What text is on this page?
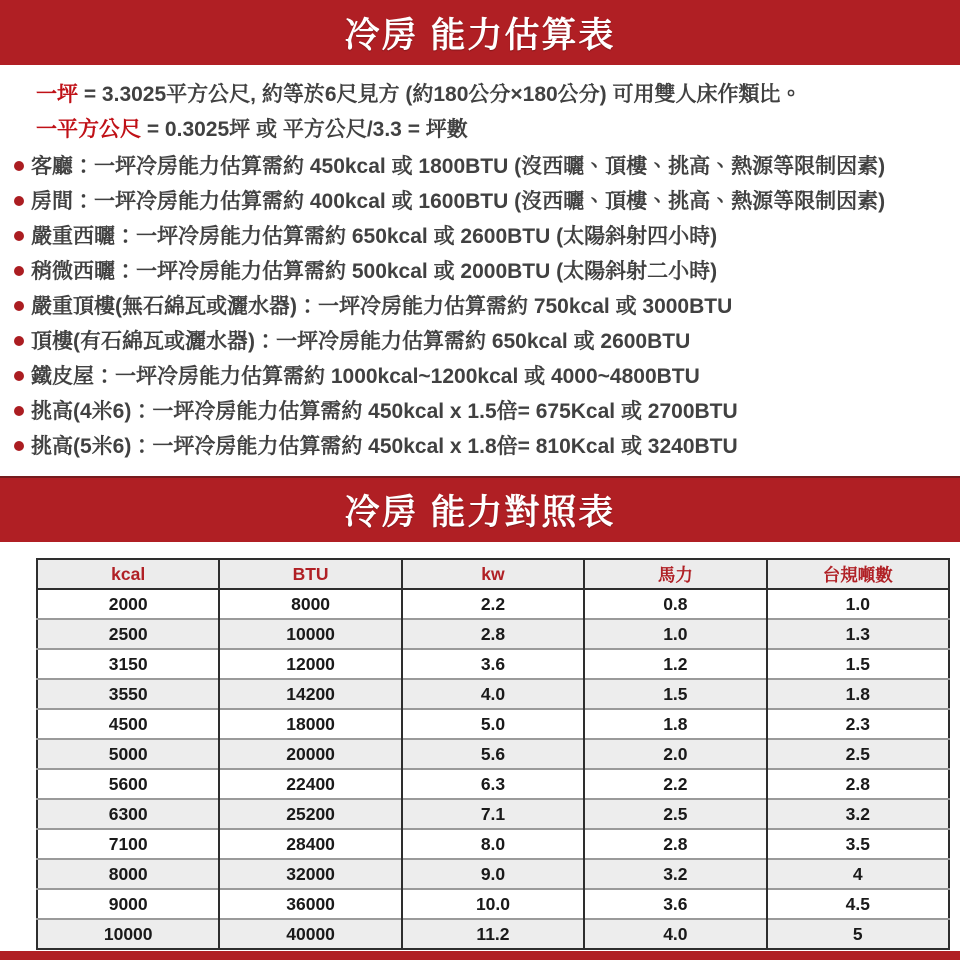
冷房 能力估算表

一坪 = 3.3025平方公尺, 約等於6尺見方 (約180公分×180公分) 可用雙人床作類比。

一平方公尺 = 0.3025坪 或 平方公尺/3.3 = 坪數

客廳：一坪冷房能力估算需約 450kcal 或 1800BTU (沒西曬、頂樓、挑高、熱源等限制因素)
房間：一坪冷房能力估算需約 400kcal 或 1600BTU (沒西曬、頂樓、挑高、熱源等限制因素)
嚴重西曬：一坪冷房能力估算需約 650kcal 或 2600BTU (太陽斜射四小時)
稍微西曬：一坪冷房能力估算需約 500kcal 或 2000BTU (太陽斜射二小時)
嚴重頂樓(無石綿瓦或灑水器)：一坪冷房能力估算需約 750kcal 或 3000BTU
頂樓(有石綿瓦或灑水器)：一坪冷房能力估算需約 650kcal 或 2600BTU
鐵皮屋：一坪冷房能力估算需約 1000kcal~1200kcal 或 4000~4800BTU
挑高(4米6)：一坪冷房能力估算需約 450kcal x 1.5倍= 675Kcal 或 2700BTU
挑高(5米6)：一坪冷房能力估算需約 450kcal x 1.8倍= 810Kcal 或 3240BTU
冷房 能力對照表
kcal	BTU	kw	馬力	台規噸數
2000	8000	2.2	0.8	1.0
2500	10000	2.8	1.0	1.3
3150	12000	3.6	1.2	1.5
3550	14200	4.0	1.5	1.8
4500	18000	5.0	1.8	2.3
5000	20000	5.6	2.0	2.5
5600	22400	6.3	2.2	2.8
6300	25200	7.1	2.5	3.2
7100	28400	8.0	2.8	3.5
8000	32000	9.0	3.2	4
9000	36000	10.0	3.6	4.5
10000	40000	11.2	4.0	5
